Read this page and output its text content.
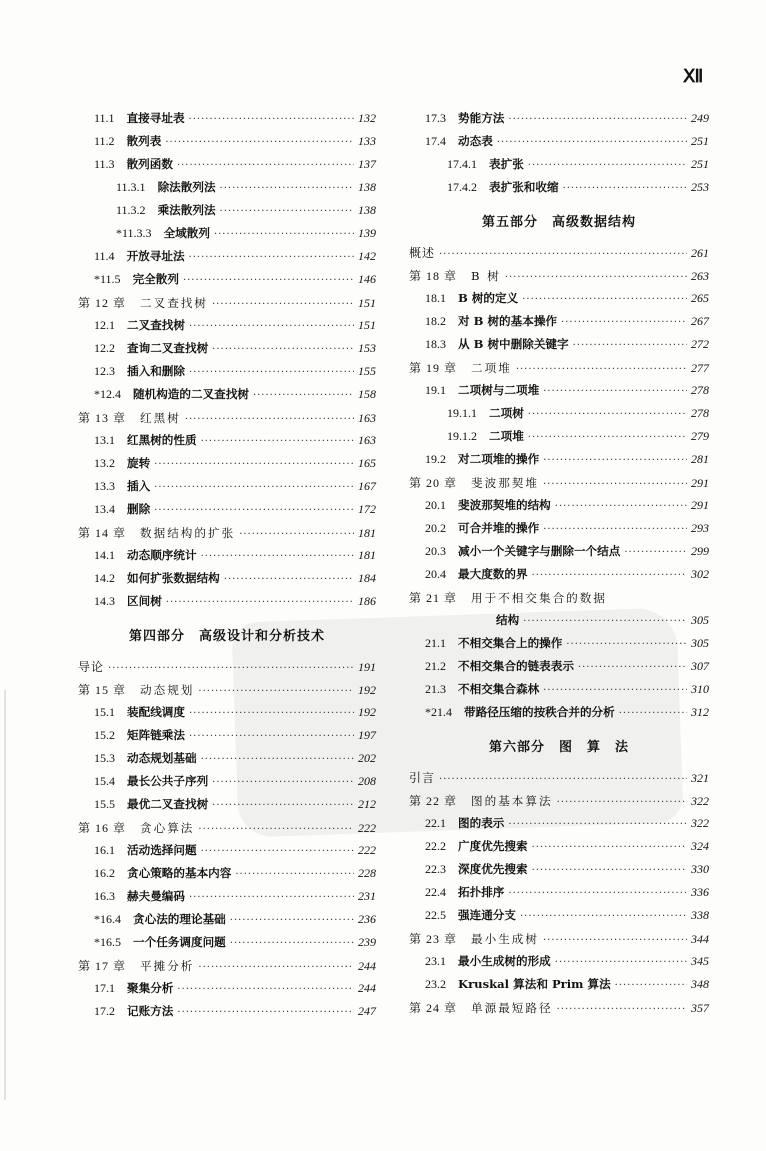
Ⅻ
11.1 直接寻址表 ·····	132
11.2 散列表 ·····	133
11.3 散列函数 ·····	137
11.3.1 除法散列法 ·····	138
11.3.2 乘法散列法 ·····	138
*11.3.3 全域散列 ·····	139
11.4 开放寻址法 ·····	142
*11.5 完全散列 ·····	146
第 12 章 二叉查找树 ·····	151
12.1 二叉查找树 ·····	151
12.2 查询二叉查找树 ·····	153
12.3 插入和删除 ·····	155
*12.4 随机构造的二叉查找树 ·····	158
第 13 章 红黑树 ·····	163
13.1 红黑树的性质 ·····	163
13.2 旋转 ·····	165
13.3 插入 ·····	167
13.4 删除 ·····	172
第 14 章 数据结构的扩张 ·····	181
14.1 动态顺序统计 ·····	181
14.2 如何扩张数据结构 ·····	184
14.3 区间树 ·····	186
第四部分　高级设计和分析技术
导论 ·····	191
第 15 章 动态规划 ·····	192
15.1 装配线调度 ·····	192
15.2 矩阵链乘法 ·····	197
15.3 动态规划基础 ·····	202
15.4 最长公共子序列 ·····	208
15.5 最优二叉查找树 ·····	212
第 16 章 贪心算法 ·····	222
16.1 活动选择问题 ·····	222
16.2 贪心策略的基本内容 ·····	228
16.3 赫夫曼编码 ·····	231
*16.4 贪心法的理论基础 ·····	236
*16.5 一个任务调度问题 ·····	239
第 17 章 平摊分析 ·····	244
17.1 聚集分析 ·····	244
17.2 记账方法 ·····	247
17.3 势能方法 ·····	249
17.4 动态表 ·····	251
17.4.1 表扩张 ·····	251
17.4.2 表扩张和收缩 ·····	253
第五部分　高级数据结构
概述 ·····	261
第 18 章 B 树 ·····	263
18.1 B 树的定义 ·····	265
18.2 对 B 树的基本操作 ·····	267
18.3 从 B 树中删除关键字 ·····	272
第 19 章 二项堆 ·····	277
19.1 二项树与二项堆 ·····	278
19.1.1 二项树 ·····	278
19.1.2 二项堆 ·····	279
19.2 对二项堆的操作 ·····	281
第 20 章 斐波那契堆 ·····	291
20.1 斐波那契堆的结构 ·····	291
20.2 可合并堆的操作 ·····	293
20.3 减小一个关键字与删除一个结点 ·····	299
20.4 最大度数的界 ·····	302
第 21 章 用于不相交集合的数据
结构 ·····	305
21.1 不相交集合上的操作 ·····	305
21.2 不相交集合的链表表示 ·····	307
21.3 不相交集合森林 ·····	310
*21.4 带路径压缩的按秩合并的分析 ·····	312
第六部分　图　算　法
引言 ·····	321
第 22 章 图的基本算法 ·····	322
22.1 图的表示 ·····	322
22.2 广度优先搜索 ·····	324
22.3 深度优先搜索 ·····	330
22.4 拓扑排序 ·····	336
22.5 强连通分支 ·····	338
第 23 章 最小生成树 ·····	344
23.1 最小生成树的形成 ·····	345
23.2 Kruskal 算法和 Prim 算法 ·····	348
第 24 章 单源最短路径 ·····	357
